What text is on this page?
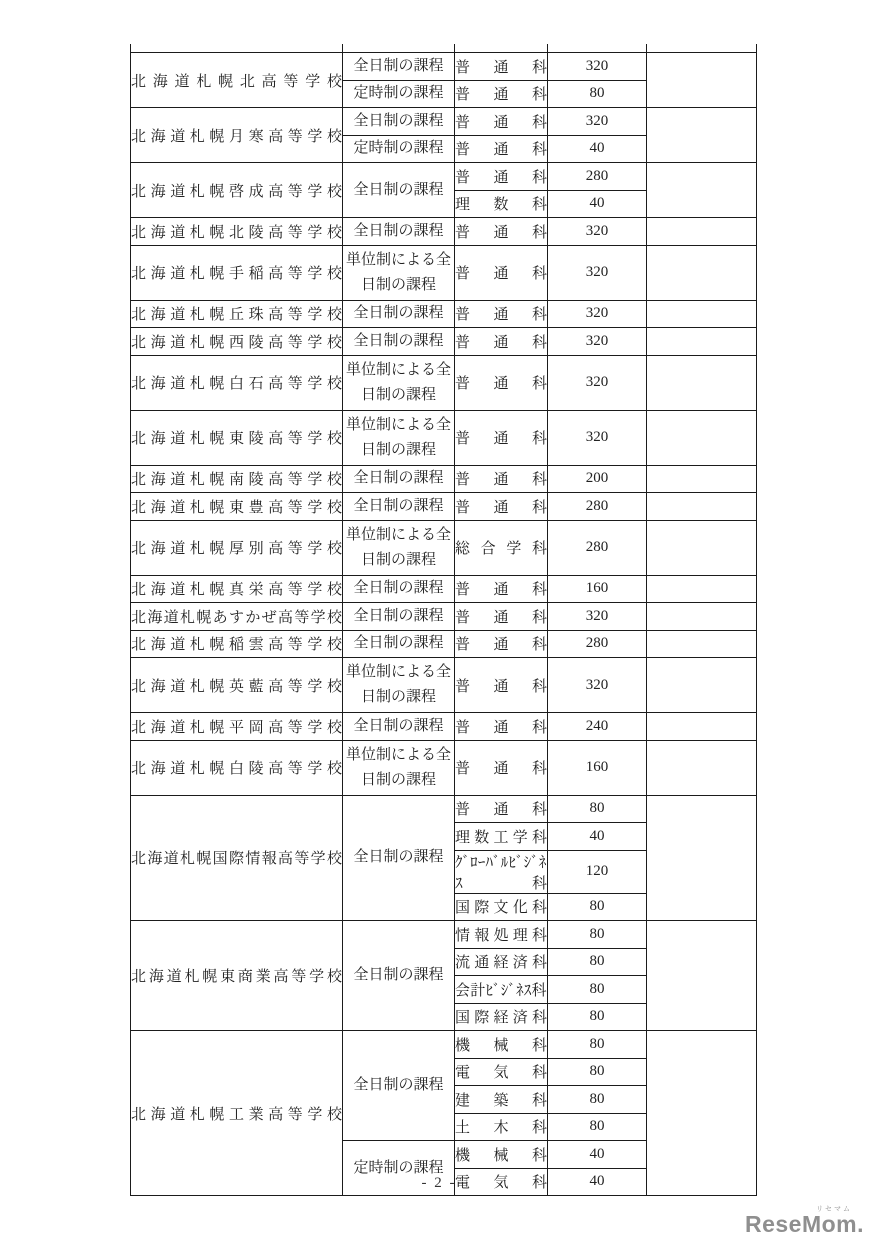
北海道札幌北高等学校	全日制の課程	普通科	320	
	定時制の課程	普通科	80	
北海道札幌月寒高等学校	全日制の課程	普通科	320	
	定時制の課程	普通科	40	
北海道札幌啓成高等学校	全日制の課程	普通科	280	
		理数科	40	
北海道札幌北陵高等学校	全日制の課程	普通科	320	
北海道札幌手稲高等学校	単位制による全日制の課程	普通科	320	
北海道札幌丘珠高等学校	全日制の課程	普通科	320	
北海道札幌西陵高等学校	全日制の課程	普通科	320	
北海道札幌白石高等学校	単位制による全日制の課程	普通科	320	
北海道札幌東陵高等学校	単位制による全日制の課程	普通科	320	
北海道札幌南陵高等学校	全日制の課程	普通科	200	
北海道札幌東豊高等学校	全日制の課程	普通科	280	
北海道札幌厚別高等学校	単位制による全日制の課程	総合学科	280	
北海道札幌真栄高等学校	全日制の課程	普通科	160	
北海道札幌あすかぜ高等学校	全日制の課程	普通科	320	
北海道札幌稲雲高等学校	全日制の課程	普通科	280	
北海道札幌英藍高等学校	単位制による全日制の課程	普通科	320	
北海道札幌平岡高等学校	全日制の課程	普通科	240	
北海道札幌白陵高等学校	単位制による全日制の課程	普通科	160	
北海道札幌国際情報高等学校	全日制の課程	普通科	80	
		理数工学科	40	
		ｸﾞﾛｰﾊﾞﾙﾋﾞｼﾞﾈｽ科	120	
		国際文化科	80	
北海道札幌東商業高等学校	全日制の課程	情報処理科	80	
		流通経済科	80	
		会計ﾋﾞｼﾞﾈｽ科	80	
		国際経済科	80	
北海道札幌工業高等学校	全日制の課程	機械科	80	
		電気科	80	
		建築科	80	
		土木科	80	
	定時制の課程	機械科	40	
		電気科	40	
- 2 -
リセマム
ReseMom.
